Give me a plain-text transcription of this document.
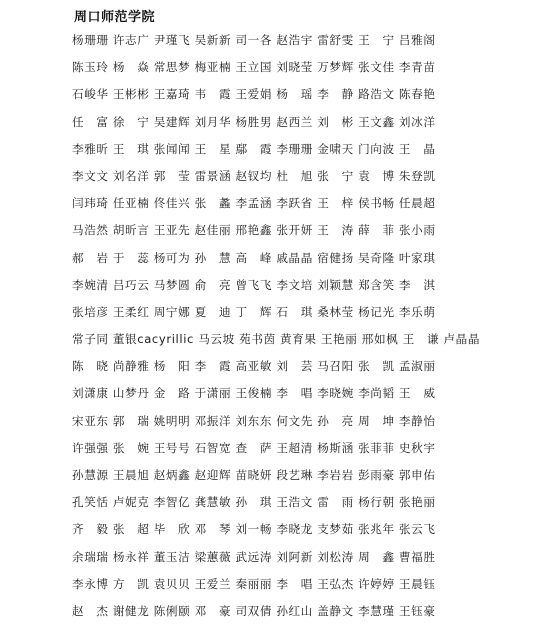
周口师范学院
杨珊珊 许志广 尹瑾飞 吴新新 司一各 赵浩宇 雷舒雯 王　宁 吕雅阁
陈玉玲 杨　焱 常思梦 梅亚楠 王立国 刘晓莹 万梦辉 张文佳 李青苗
石峻华 王彬彬 王嘉琦 韦　霞 王爱娟 杨　瑶 李　静 路浩文 陈春艳
任　富 徐　宁 吴建辉 刘月华 杨胜男 赵西兰 刘　彬 王文鑫 刘冰洋
李雅昕 王　琪 张闻闻 王　星 鄢　霞 李珊珊 金啸天 门向波 王　晶
李文文 刘名洋 郭　莹 雷景涵 赵钗均 杜　旭 张　宁 袁　博 朱登凯
闫玮琦 任亚楠 佟佳兴 张　蠡 李孟涵 李跃省 王　梓 侯书畅 任晨超
马浩然 胡昕言 王亚先 赵佳丽 邢艳鑫 张开妍 王　涛 薛　菲 张小雨
郝　岩 于　蕊 杨可为 孙　慧 高　峰 戚晶晶 宿健扬 吴奇隆 叶家琪
李婉清 吕巧云 马梦圆 俞　亮 曾飞飞 李文培 刘颖慧 郑含笑 李　淇
张培彦 王柔红 周宁娜 夏　迪 丁　辉 石　琪 桑林莹 杨记光 李乐萌
常子同 董银саcyrillic 马云坡 苑书茵 黄育果 王艳丽 邢如枫 王　谦 卢晶晶
陈　晓 尚静雅 杨　阳 李　霞 高亚敏 刘　芸 马召阳 张　凯 孟淑丽
刘潇康 山梦丹 金　路 于潇丽 王俊楠 李　唱 李晓婉 李尚韬 王　威
宋亚东 郭　瑞 姚明明 邓振洋 刘东东 何文先 孙　亮 周　坤 李静怡
许强强 张　婉 王号号 石智宽 查　萨 王超清 杨斯涵 张菲菲 史秋宇
孙慧源 王晨旭 赵炳鑫 赵迎辉 苗晓妍 段艺琳 李岩岩 彭雨豪 郭申佑
孔笑恬 卢妮克 李智亿 龚慧敏 孙　琪 王浩文 雷　雨 杨行朝 张艳丽
齐　毅 张　超 毕　欣 邓　琴 刘一畅 李晓龙 支梦茹 张兆年 张云飞
余瑞瑞 杨永祥 董玉洁 梁蕙薇 武远涛 刘阿新 刘松涛 周　鑫 曹福胜
李永博 方　凯 袁贝贝 王爱兰 秦丽丽 李　唱 王弘杰 许婷婷 王晨钰
赵　杰 谢健龙 陈俐颐 邓　豪 司双倩 孙红山 盖静文 李慧瑾 王钰豪
